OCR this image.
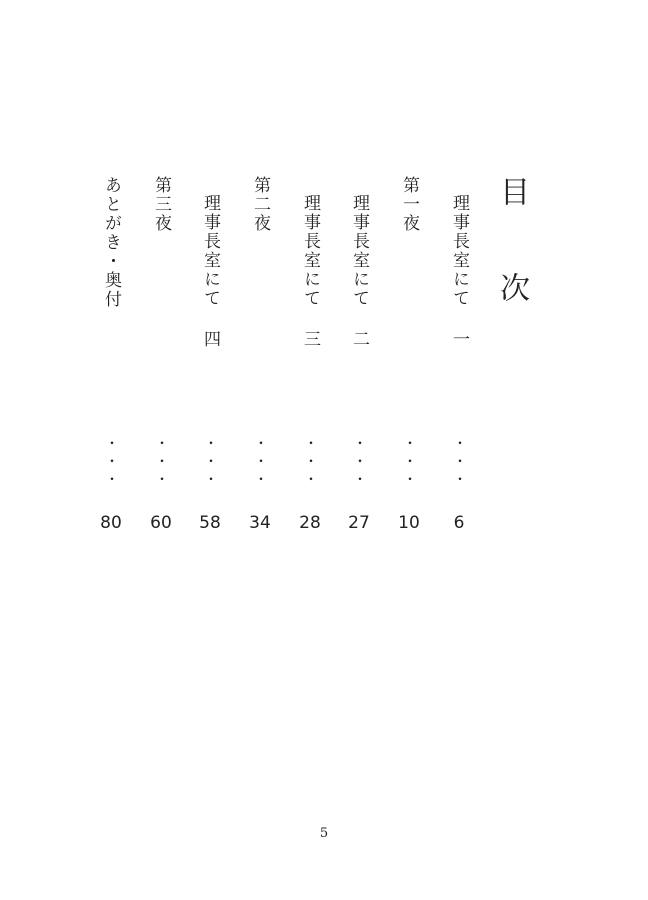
目　次
理事長室にて
一
・・・
6
第一夜
・・・
10
理事長室にて
二
・・・
27
理事長室にて
三
・・・
28
第二夜
・・・
34
理事長室にて
四
・・・
58
第三夜
・・・
60
あとがき・奥付
・・・
80
5
